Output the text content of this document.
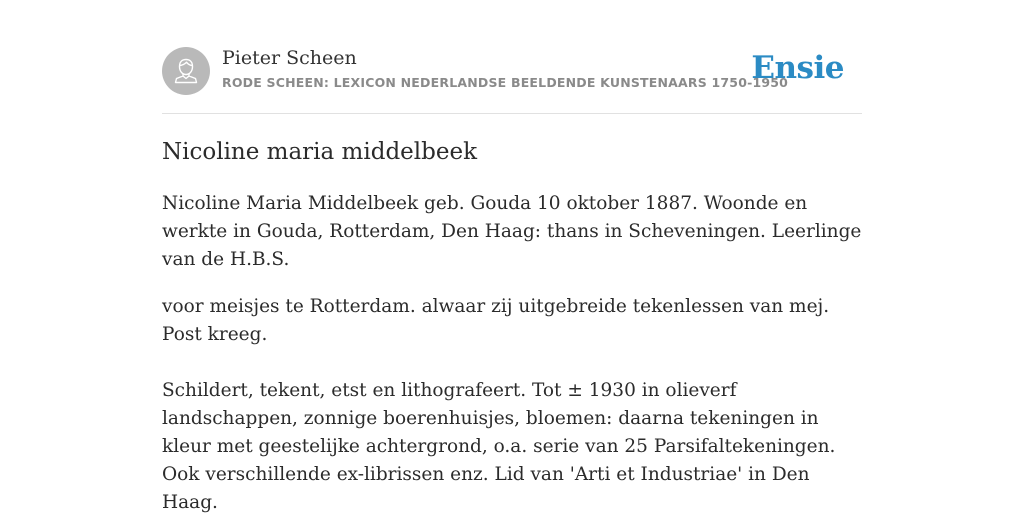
Pieter Scheen
RODE SCHEEN: LEXICON NEDERLANDSE BEELDENDE KUNSTENAARS 1750-1950
Ensie
Nicoline maria middelbeek

Nicoline Maria Middelbeek geb. Gouda 10 oktober 1887. Woonde en werkte in Gouda, Rotterdam, Den Haag: thans in Scheveningen. Leerlinge van de H.B.S.

voor meisjes te Rotterdam. alwaar zij uitgebreide tekenlessen van mej. Post kreeg.

Schildert, tekent, etst en lithografeert. Tot ± 1930 in olieverf landschappen, zonnige boerenhuisjes, bloemen: daarna tekeningen in kleur met geestelijke achtergrond, o.a. serie van 25 Parsifaltekeningen. Ook verschillende ex-librissen enz. Lid van 'Arti et Industriae' in Den Haag.
